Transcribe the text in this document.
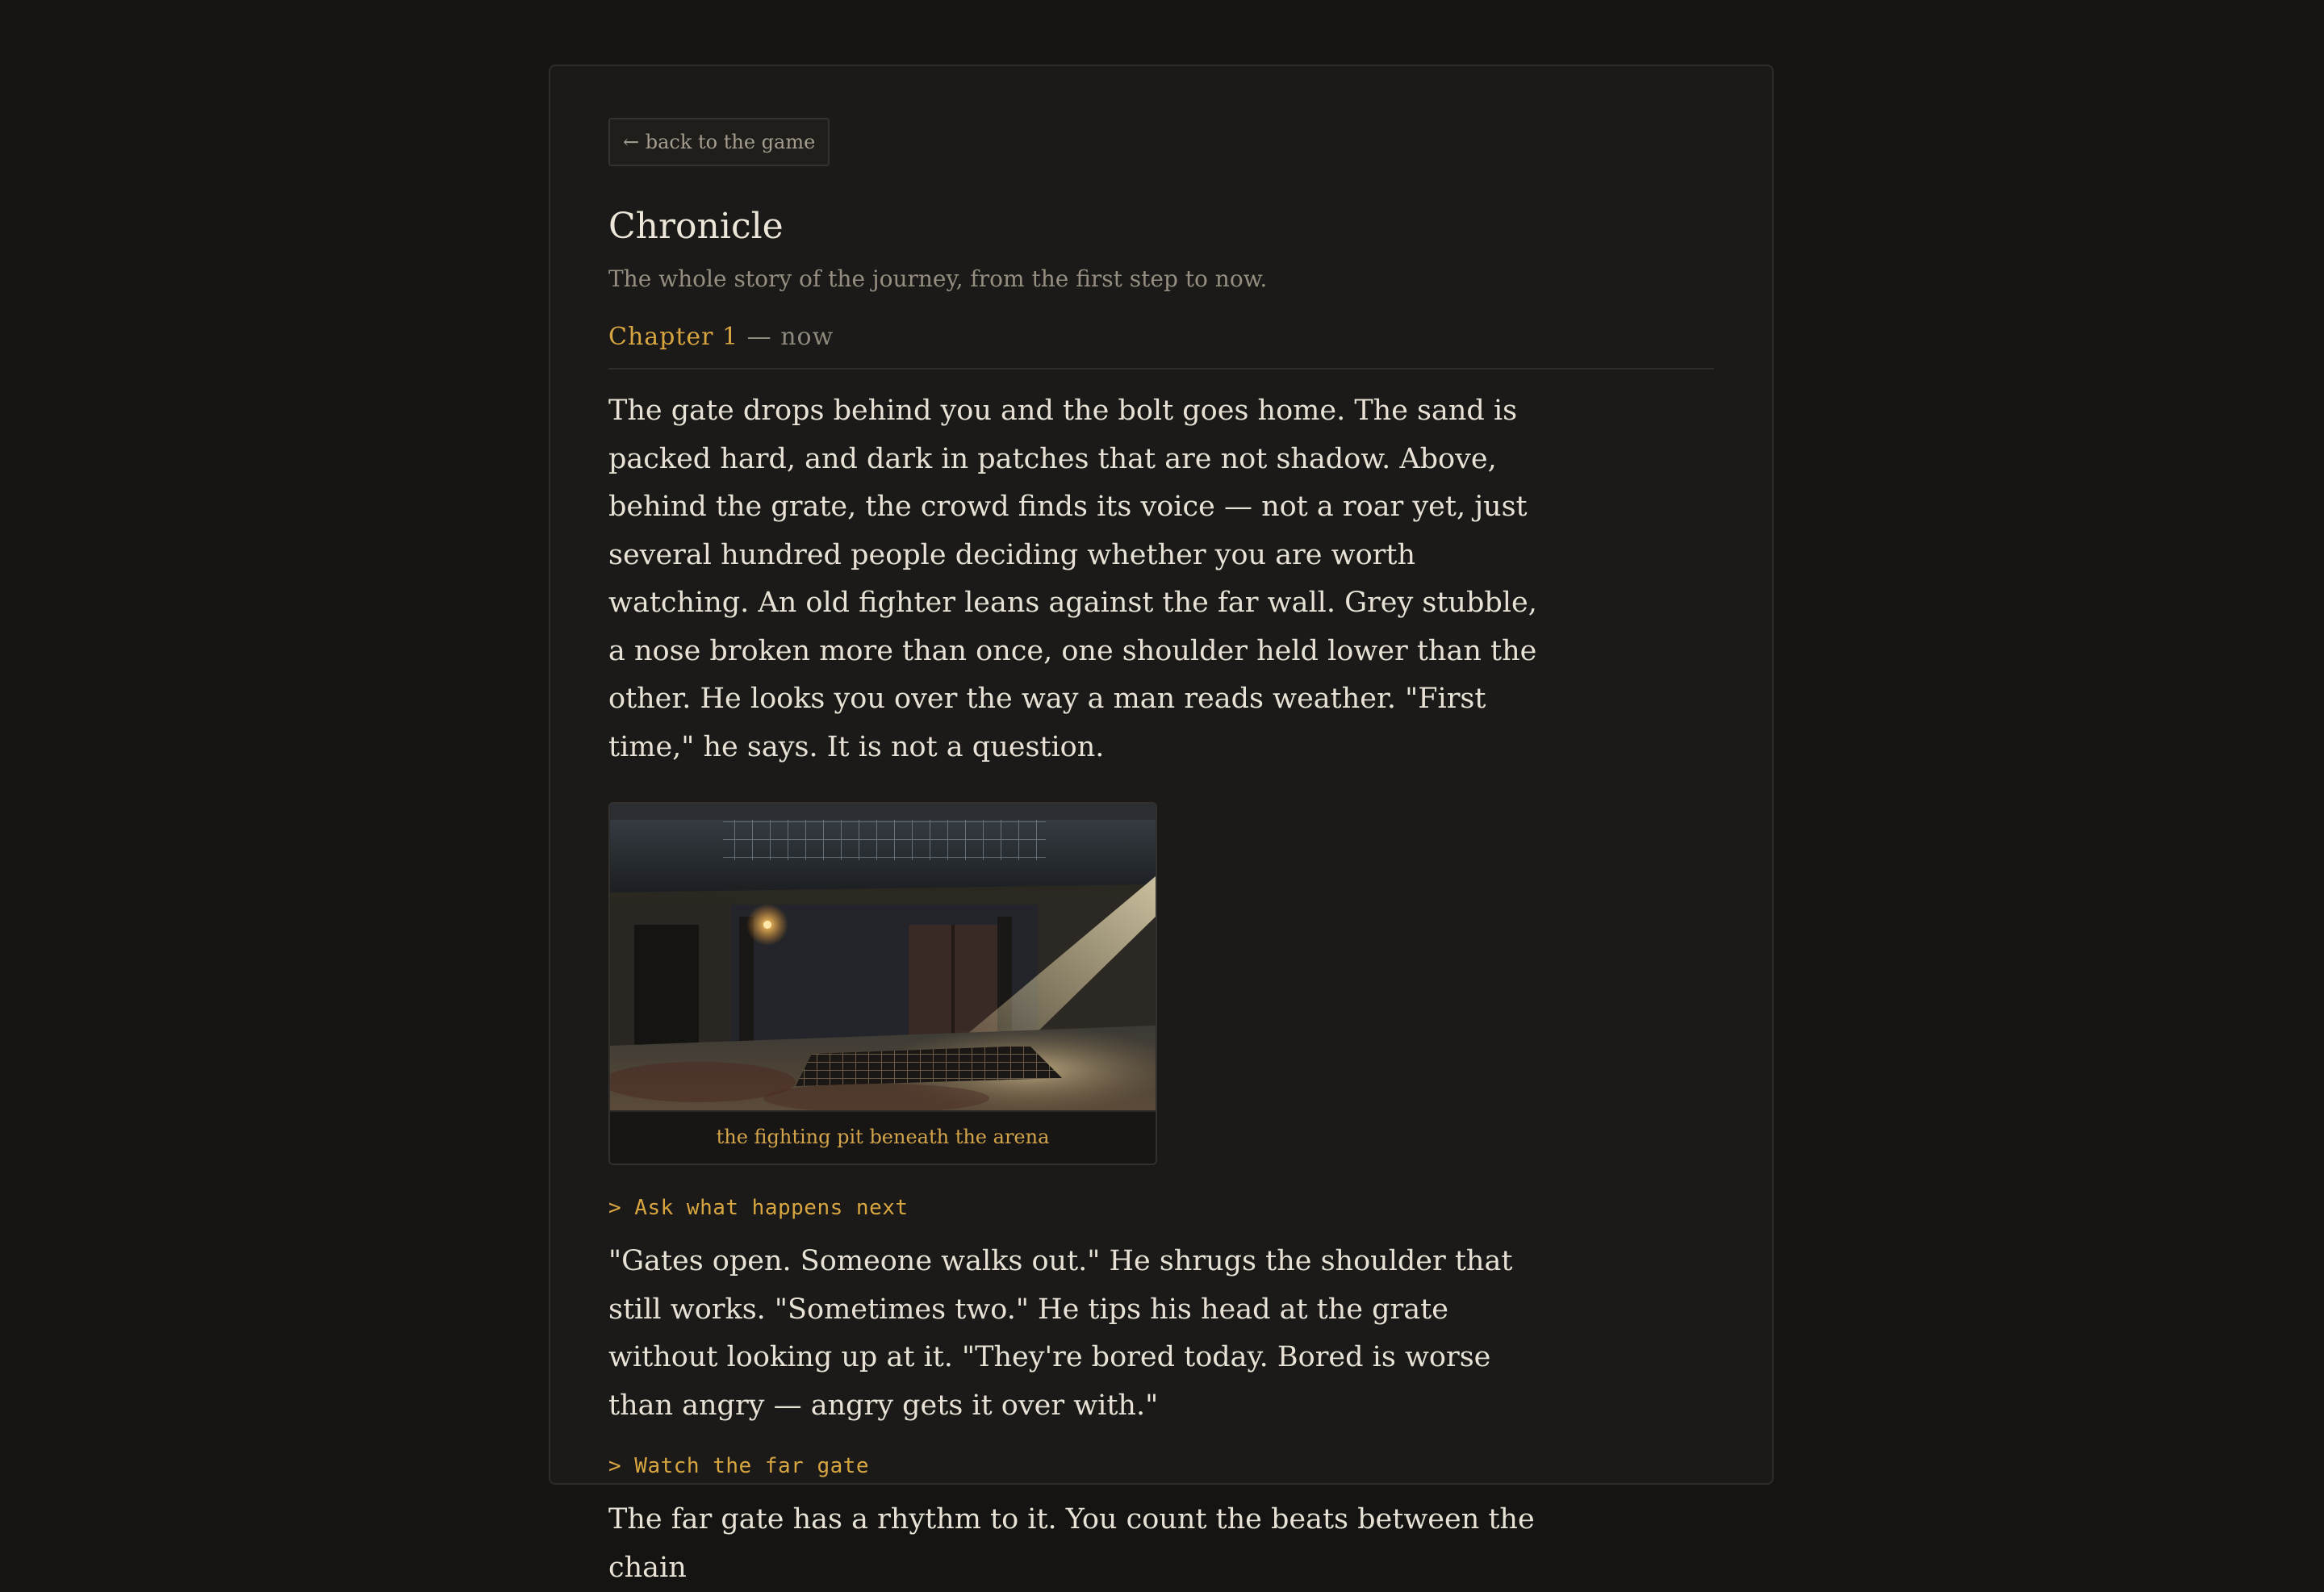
← back to the game
Chronicle

The whole story of the journey, from the first step to now.

Chapter 1 — now

The gate drops behind you and the bolt goes home. The sand is packed hard, and dark in patches that are not shadow. Above, behind the grate, the crowd finds its voice — not a roar yet, just several hundred people deciding whether you are worth watching. An old fighter leans against the far wall. Grey stubble, a nose broken more than once, one shoulder held lower than the other. He looks you over the way a man reads weather. "First time," he says. It is not a question.

the fighting pit beneath the arena
> Ask what happens next

"Gates open. Someone walks out." He shrugs the shoulder that still works. "Sometimes two." He tips his head at the grate without looking up at it. "They're bored today. Bored is worse than angry — angry gets it over with."

> Watch the far gate

The far gate has a rhythm to it. You count the beats between the chain
